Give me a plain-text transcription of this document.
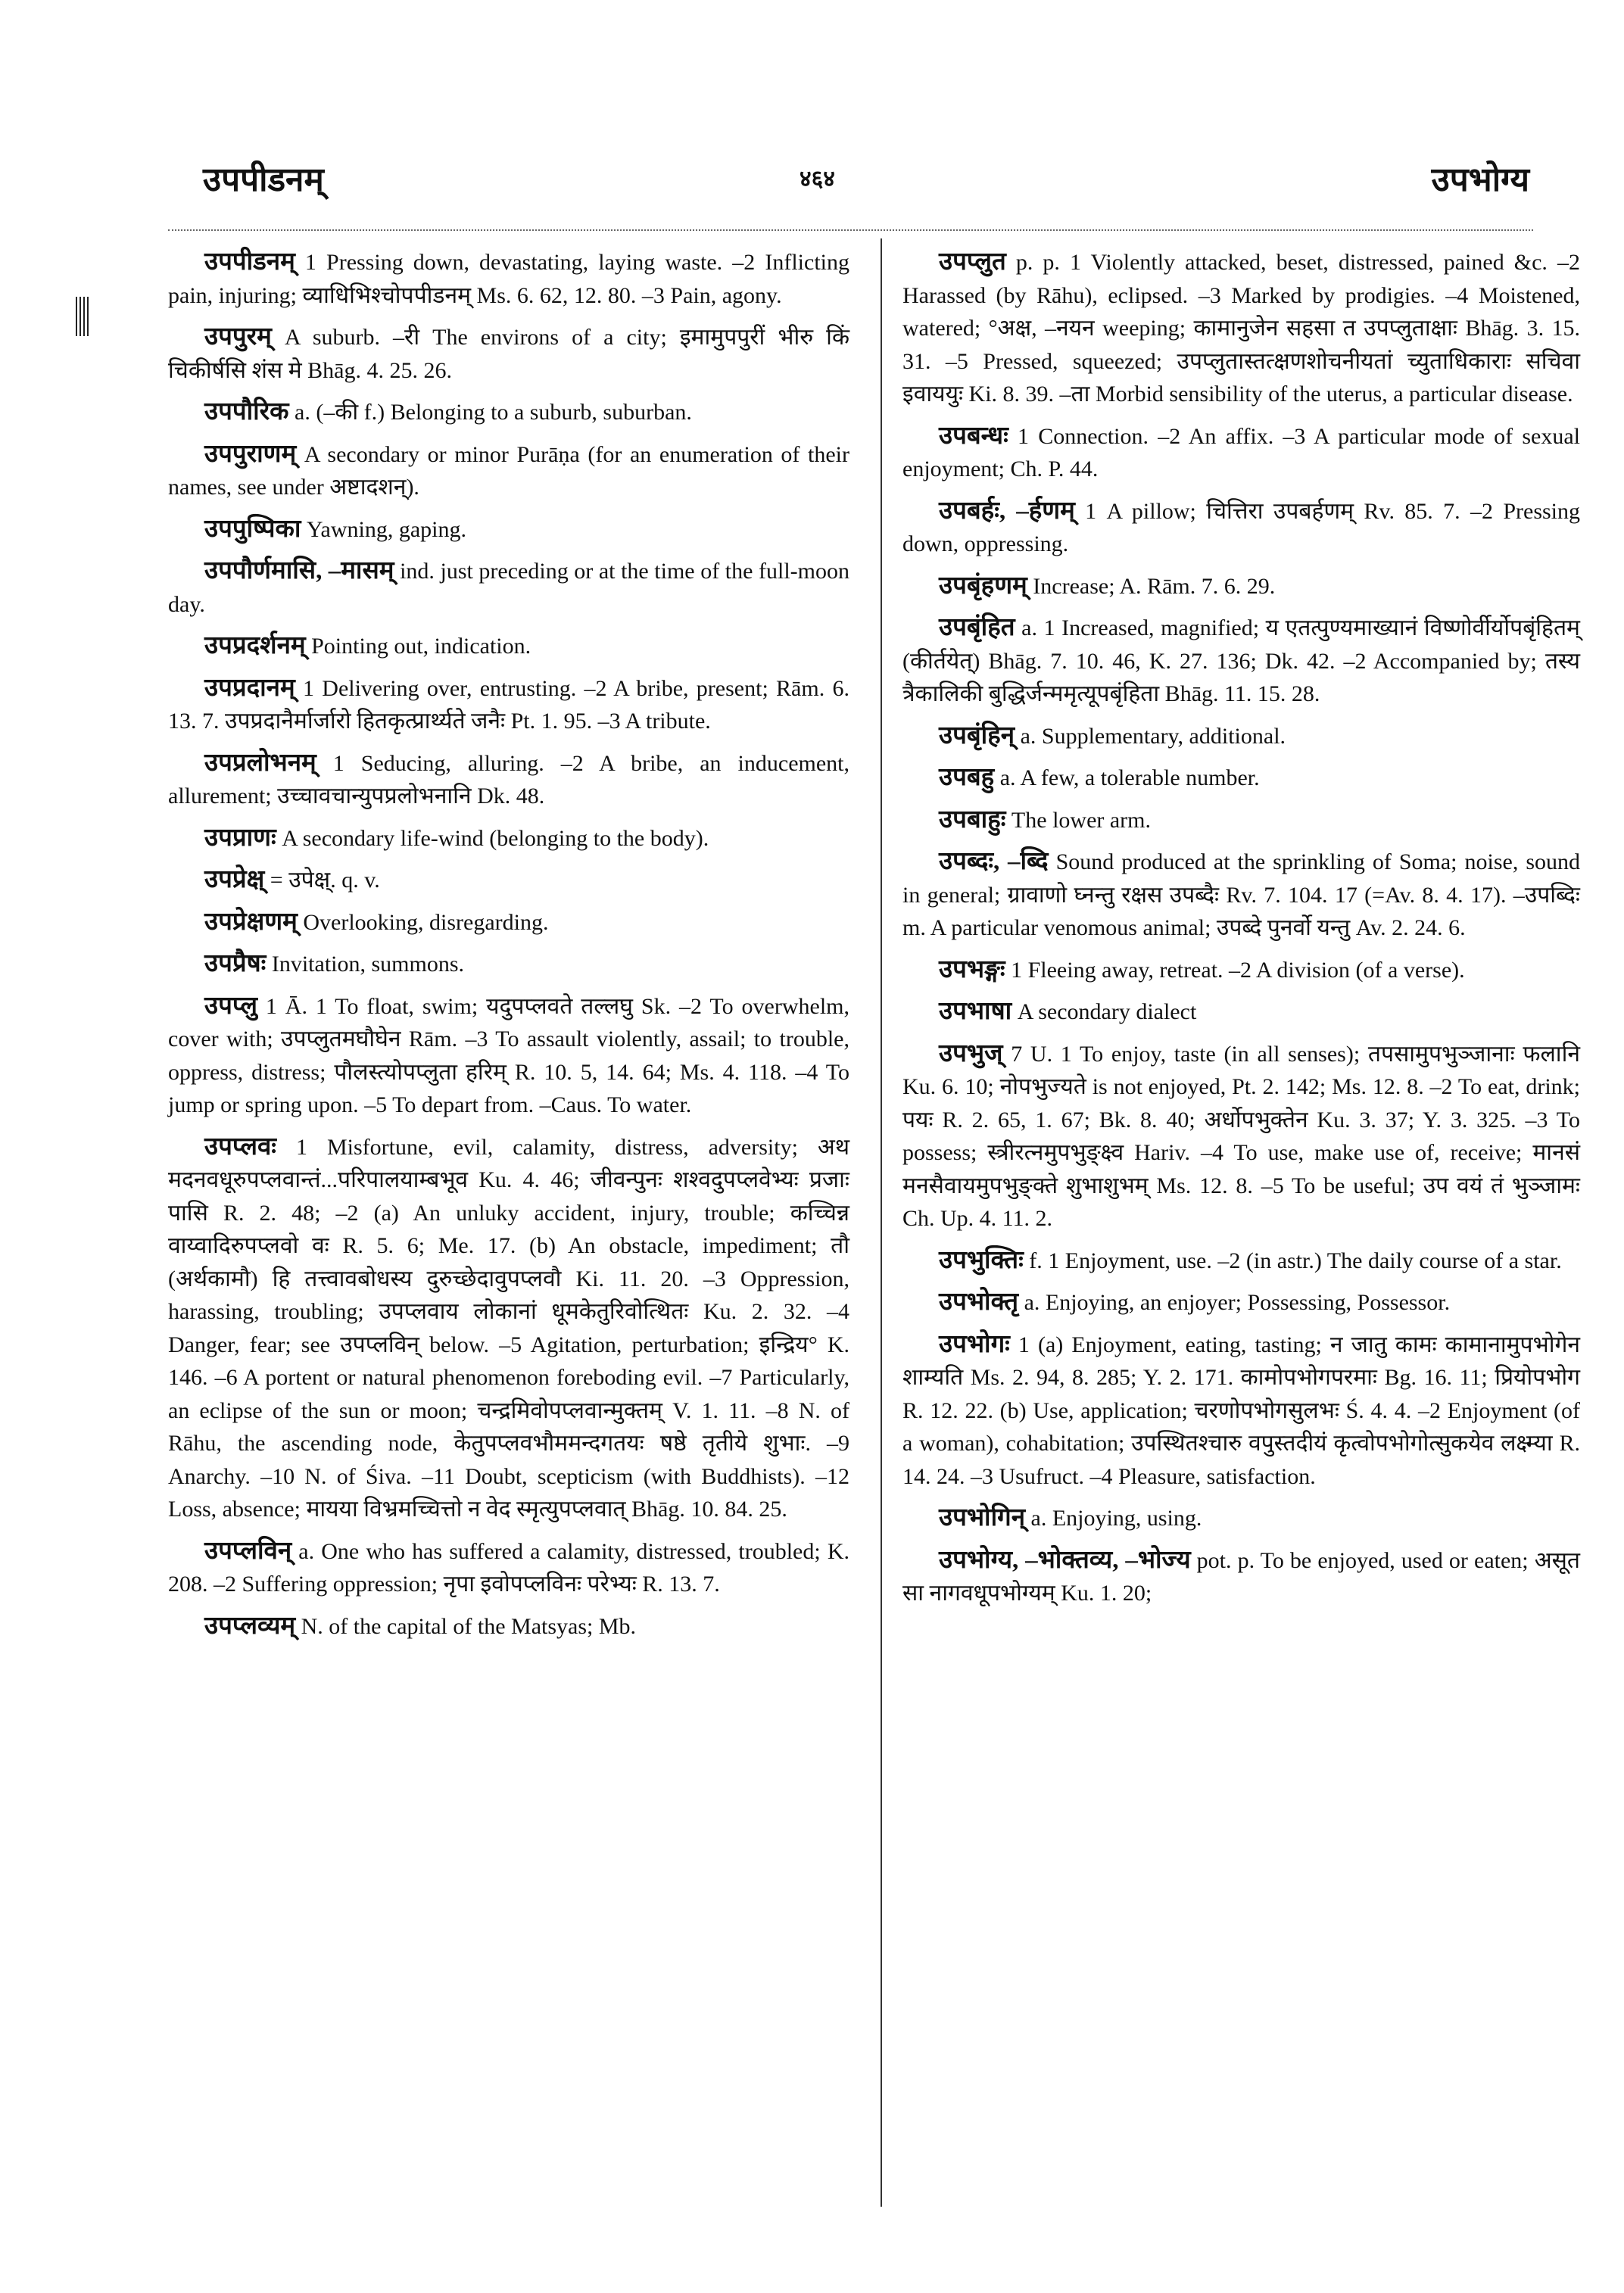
उपपीडनम्	४६४	उपभोग्य

उपपीडनम् 1 Pressing down, devastating, laying waste. –2 Inflicting pain, injuring; व्याधिभिश्चोपपीडनम् Ms. 6. 62, 12. 80. –3 Pain, agony.

उपपुरम् A suburb. –री The environs of a city; इमामुपपुरीं भीरु किं चिकीर्षसि शंस मे Bhāg. 4. 25. 26.

उपपौरिक a. (–की f.) Belonging to a suburb, suburban.

उपपुराणम् A secondary or minor Purāṇa (for an enumeration of their names, see under अष्टादशन्).

उपपुष्पिका Yawning, gaping.

उपपौर्णमासि, –मासम् ind. just preceding or at the time of the full-moon day.

उपप्रदर्शनम् Pointing out, indication.

उपप्रदानम् 1 Delivering over, entrusting. –2 A bribe, present; Rām. 6. 13. 7. उपप्रदानैर्मार्जारो हितकृत्प्रार्थ्यते जनैः Pt. 1. 95. –3 A tribute.

उपप्रलोभनम् 1 Seducing, alluring. –2 A bribe, an inducement, allurement; उच्चावचान्युपप्रलोभनानि Dk. 48.

उपप्राणः A secondary life-wind (belonging to the body).

उपप्रेक्ष् = उपेक्ष्. q. v.

उपप्रेक्षणम् Overlooking, disregarding.

उपप्रैषः Invitation, summons.

उपप्लु 1 Ā. 1 To float, swim; यदुपप्लवते तल्लघु Sk. –2 To overwhelm, cover with; उपप्लुतमघौघेन Rām. –3 To assault violently, assail; to trouble, oppress, distress; पौलस्त्योपप्लुता हरिम् R. 10. 5, 14. 64; Ms. 4. 118. –4 To jump or spring upon. –5 To depart from. –Caus. To water.

उपप्लवः 1 Misfortune, evil, calamity, distress, adversity; अथ मदनवधूरुपप्लवान्तं...परिपालयाम्बभूव Ku. 4. 46; जीवन्पुनः शश्वदुपप्लवेभ्यः प्रजाः पासि R. 2. 48; –2 (a) An unluky accident, injury, trouble; कच्चिन्न वाय्वादिरुपप्लवो वः R. 5. 6; Me. 17. (b) An obstacle, impediment; तौ (अर्थकामौ) हि तत्त्वावबोधस्य दुरुच्छेदावुपप्लवौ Ki. 11. 20. –3 Oppression, harassing, troubling; उपप्लवाय लोकानां धूमकेतुरिवोत्थितः Ku. 2. 32. –4 Danger, fear; see उपप्लविन् below. –5 Agitation, perturbation; इन्द्रिय° K. 146. –6 A portent or natural phenomenon foreboding evil. –7 Particularly, an eclipse of the sun or moon; चन्द्रमिवोपप्लवान्मुक्तम् V. 1. 11. –8 N. of Rāhu, the ascending node, केतुपप्लवभौममन्दगतयः षष्ठे तृतीये शुभाः. –9 Anarchy. –10 N. of Śiva. –11 Doubt, scepticism (with Buddhists). –12 Loss, absence; मायया विभ्रमच्चित्तो न वेद स्मृत्युपप्लवात् Bhāg. 10. 84. 25.

उपप्लविन् a. One who has suffered a calamity, distressed, troubled; K. 208. –2 Suffering oppression; नृपा इवोपप्लविनः परेभ्यः R. 13. 7.

उपप्लव्यम् N. of the capital of the Matsyas; Mb.

उपप्लुत p. p. 1 Violently attacked, beset, distressed, pained &c. –2 Harassed (by Rāhu), eclipsed. –3 Marked by prodigies. –4 Moistened, watered; °अक्ष, –नयन weeping; कामानुजेन सहसा त उपप्लुताक्षाः Bhāg. 3. 15. 31. –5 Pressed, squeezed; उपप्लुतास्तत्क्षणशोचनीयतां च्युताधिकाराः सचिवा इवाययुः Ki. 8. 39. –ता Morbid sensibility of the uterus, a particular disease.

उपबन्धः 1 Connection. –2 An affix. –3 A particular mode of sexual enjoyment; Ch. P. 44.

उपबर्हः, –र्हणम् 1 A pillow; चित्तिरा उपबर्हणम् Rv. 85. 7. –2 Pressing down, oppressing.

उपबृंहणम् Increase; A. Rām. 7. 6. 29.

उपबृंहित a. 1 Increased, magnified; य एतत्पुण्यमाख्यानं विष्णोर्वीर्योपबृंहितम् (कीर्तयेत्) Bhāg. 7. 10. 46, K. 27. 136; Dk. 42. –2 Accompanied by; तस्य त्रैकालिकी बुद्धिर्जन्ममृत्यूपबृंहिता Bhāg. 11. 15. 28.

उपबृंहिन् a. Supplementary, additional.

उपबहु a. A few, a tolerable number.

उपबाहुः The lower arm.

उपब्दः, –ब्दि Sound produced at the sprinkling of Soma; noise, sound in general; ग्रावाणो घ्नन्तु रक्षस उपब्दैः Rv. 7. 104. 17 (=Av. 8. 4. 17). –उपब्दिः m. A particular venomous animal; उपब्दे पुनर्वो यन्तु Av. 2. 24. 6.

उपभङ्गः 1 Fleeing away, retreat. –2 A division (of a verse).

उपभाषा A secondary dialect

उपभुज् 7 U. 1 To enjoy, taste (in all senses); तपसामुपभुञ्जानाः फलानि Ku. 6. 10; नोपभुज्यते is not enjoyed, Pt. 2. 142; Ms. 12. 8. –2 To eat, drink; पयः R. 2. 65, 1. 67; Bk. 8. 40; अर्धोपभुक्तेन Ku. 3. 37; Y. 3. 325. –3 To possess; स्त्रीरत्नमुपभुङ्क्ष्व Hariv. –4 To use, make use of, receive; मानसं मनसैवायमुपभुङ्क्ते शुभाशुभम् Ms. 12. 8. –5 To be useful; उप वयं तं भुञ्जामः Ch. Up. 4. 11. 2.

उपभुक्तिः f. 1 Enjoyment, use. –2 (in astr.) The daily course of a star.

उपभोक्तृ a. Enjoying, an enjoyer; Possessing, Possessor.

उपभोगः 1 (a) Enjoyment, eating, tasting; न जातु कामः कामानामुपभोगेन शाम्यति Ms. 2. 94, 8. 285; Y. 2. 171. कामोपभोगपरमाः Bg. 16. 11; प्रियोपभोग R. 12. 22. (b) Use, application; चरणोपभोगसुलभः Ś. 4. 4. –2 Enjoyment (of a woman), cohabitation; उपस्थितश्चारु वपुस्तदीयं कृत्वोपभोगोत्सुकयेव लक्ष्म्या R. 14. 24. –3 Usufruct. –4 Pleasure, satisfaction.

उपभोगिन् a. Enjoying, using.

उपभोग्य, –भोक्तव्य, –भोज्य pot. p. To be enjoyed, used or eaten; असूत सा नागवधूपभोग्यम् Ku. 1. 20;
